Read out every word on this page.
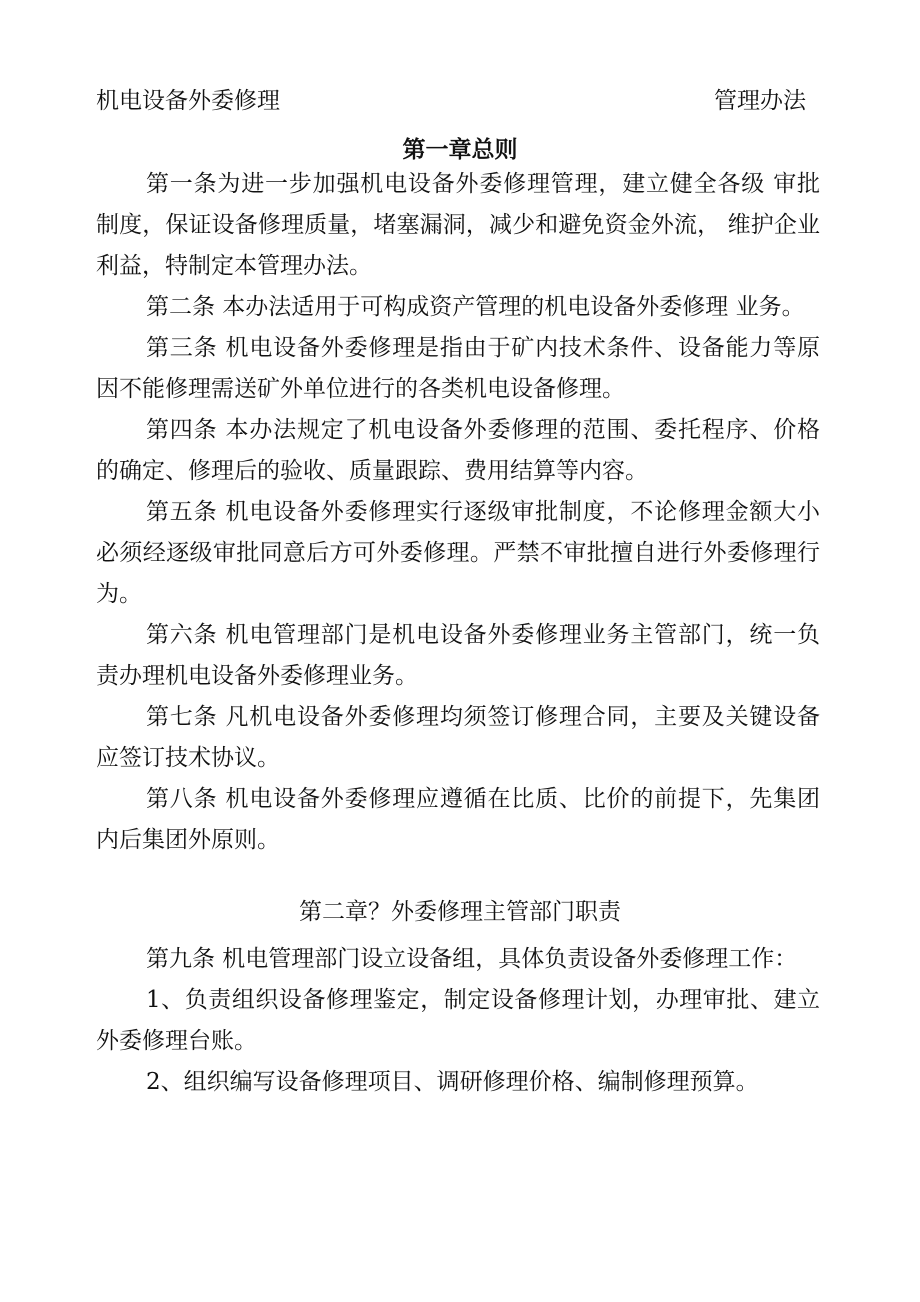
机电设备外委修理	管理办法
第一章总则

第一条为进一步加强机电设备外委修理管理，建立健全各级 审批制度，保证设备修理质量，堵塞漏洞，减少和避免资金外流， 维护企业利益，特制定本管理办法。

第二条 本办法适用于可构成资产管理的机电设备外委修理 业务。

第三条 机电设备外委修理是指由于矿内技术条件、设备能力等原因不能修理需送矿外单位进行的各类机电设备修理。

第四条 本办法规定了机电设备外委修理的范围、委托程序、价格的确定、修理后的验收、质量跟踪、费用结算等内容。

第五条 机电设备外委修理实行逐级审批制度，不论修理金额大小必须经逐级审批同意后方可外委修理。严禁不审批擅自进行外委修理行为。

第六条 机电管理部门是机电设备外委修理业务主管部门，统一负责办理机电设备外委修理业务。

第七条 凡机电设备外委修理均须签订修理合同，主要及关键设备应签订技术协议。

第八条 机电设备外委修理应遵循在比质、比价的前提下，先集团内后集团外原则。

第二章？外委修理主管部门职责

第九条 机电管理部门设立设备组，具体负责设备外委修理工作：

1、负责组织设备修理鉴定，制定设备修理计划，办理审批、建立外委修理台账。

2、组织编写设备修理项目、调研修理价格、编制修理预算。
